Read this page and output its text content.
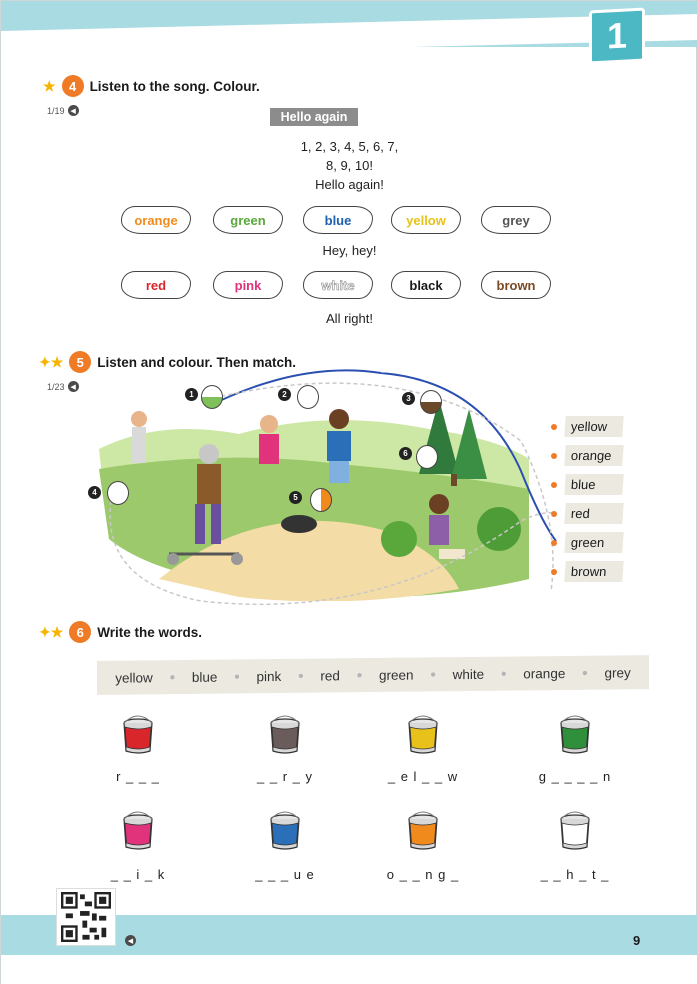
1
★	4 Listen to the song. Colour.
1/19 ◀	Hello again
1, 2, 3, 4, 5, 6, 7,
8, 9, 10!
Hello again!
orange	green	blue	yellow	grey
Hey, hey!
red	pink	white	black	brown
All right!
✦★	5 Listen and colour. Then match.
1/23 ◀
1	2	3
4
5
6
yellow
orange
blue
red
green
brown
✦★	6 Write the words.
yellow ● blue ● pink ● red ● green ● white ● orange ● grey
r _ _ _	_ _ r _ y	_ e l _ _ w	g _ _ _ _ n
_ _ i _ k	_ _ _ u e	o _ _ n g _	_ _ h _ t _
◀	9
